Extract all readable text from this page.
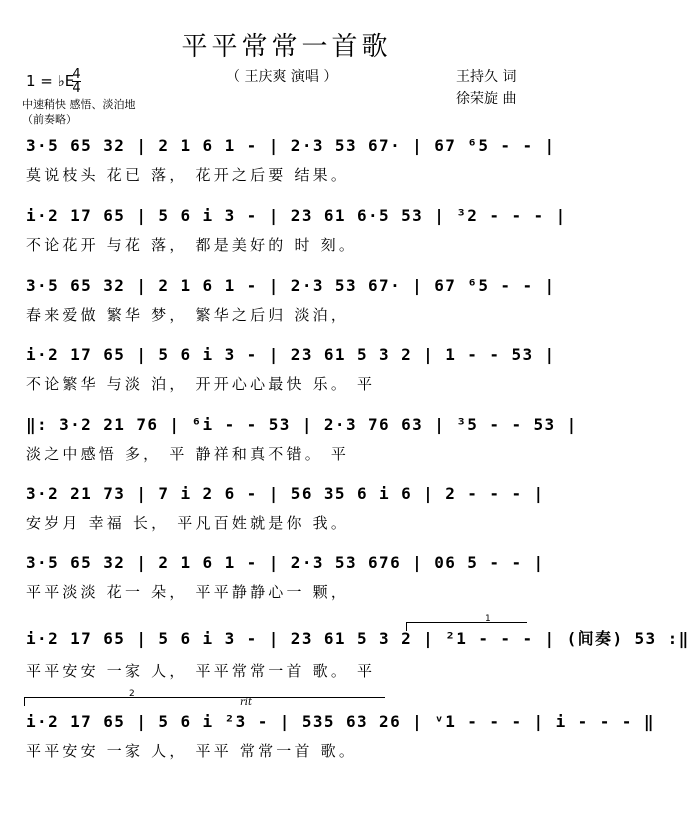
平平常常一首歌
（ 王庆爽 演唱 ）	王持久 词
徐荣旋 曲
1 = ♭E
4
4
中速稍快 感悟、淡泊地
（前奏略）
3·5 65 32 | 2 1 6 1 - | 2·3 53 67· | 67 ⁶5 - - |
莫说枝头 花已 落， 花开之后要 结果。
i·2 17 65 | 5 6 i 3 - | 23 61 6·5 53 | ³2 - - - |
不论花开 与花 落， 都是美好的 时 刻。
3·5 65 32 | 2 1 6 1 - | 2·3 53 67· | 67 ⁶5 - - |
春来爱做 繁华 梦， 繁华之后归 淡泊，
i·2 17 65 | 5 6 i 3 - | 23 61 5 3 2 | 1 - - 53 |
不论繁华 与淡 泊， 开开心心最快 乐。 平
‖: 3·2 21 76 | ⁶i - - 53 | 2·3 76 63 | ³5 - - 53 |
淡之中感悟 多， 平 静祥和真不错。 平
3·2 21 73 | 7 i 2 6 - | 56 35 6 i 6 | 2 - - - |
安岁月 幸福 长， 平凡百姓就是你 我。
3·5 65 32 | 2 1 6 1 - | 2·3 53 676 | 06 5 - - |
平平淡淡 花一 朵， 平平静静心一 颗，
i·2 17 65 | 5 6 i 3 - | 23 61 5 3 2 | ²1 - - - | (间奏) 53 :‖
平平安安 一家 人， 平平常常一首 歌。 平
i·2 17 65 | 5 6 i ²3 - | 535 63 26 | ᵛ1 - - - | i - - - ‖
平平安安 一家 人， 平平 常常一首 歌。
1
2
rit
